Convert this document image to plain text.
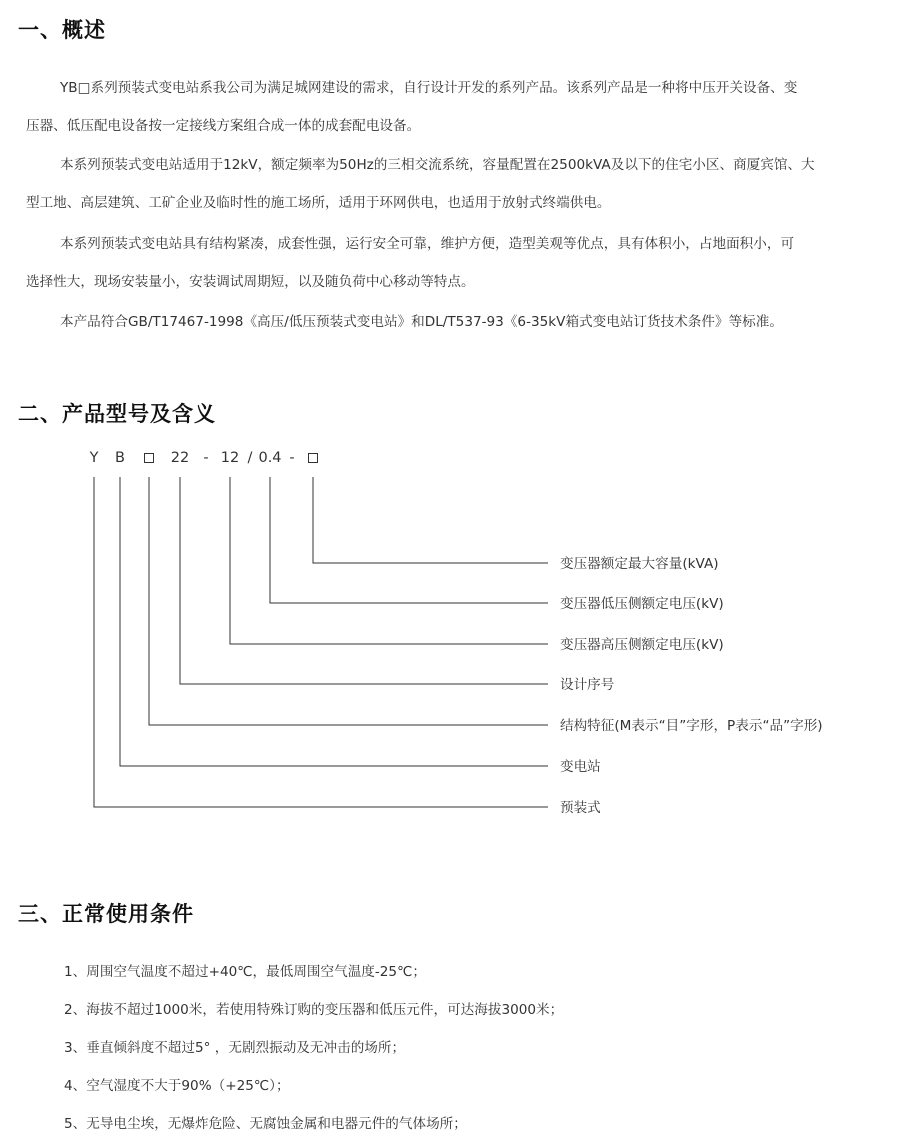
一、概述

YB□系列预装式变电站系我公司为满足城网建设的需求，自行设计开发的系列产品。该系列产品是一种将中压开关设备、变

压器、低压配电设备按一定接线方案组合成一体的成套配电设备。

本系列预装式变电站适用于12kV，额定频率为50Hz的三相交流系统，容量配置在2500kVA及以下的住宅小区、商厦宾馆、大

型工地、高层建筑、工矿企业及临时性的施工场所，适用于环网供电，也适用于放射式终端供电。

本系列预装式变电站具有结构紧凑，成套性强，运行安全可靠，维护方便，造型美观等优点，具有体积小，占地面积小，可

选择性大，现场安装量小，安装调试周期短，以及随负荷中心移动等特点。

本产品符合GB/T17467-1998《高压/低压预装式变电站》和DL/T537-93《6-35kV箱式变电站订货技术条件》等标准。

二、产品型号及含义
Y B	22 - 12 / 0.4 -
变压器额定最大容量(kVA)
变压器低压侧额定电压(kV)
变压器高压侧额定电压(kV)
设计序号
结构特征(M表示“目”字形，P表示“品”字形)
变电站
预装式
三、正常使用条件

1、周围空气温度不超过+40℃，最低周围空气温度-25℃；

2、海拔不超过1000米，若使用特殊订购的变压器和低压元件，可达海拔3000米；

3、垂直倾斜度不超过5° ，无剧烈振动及无冲击的场所；

4、空气湿度不大于90%（+25℃）；

5、无导电尘埃，无爆炸危险、无腐蚀金属和电器元件的气体场所；
